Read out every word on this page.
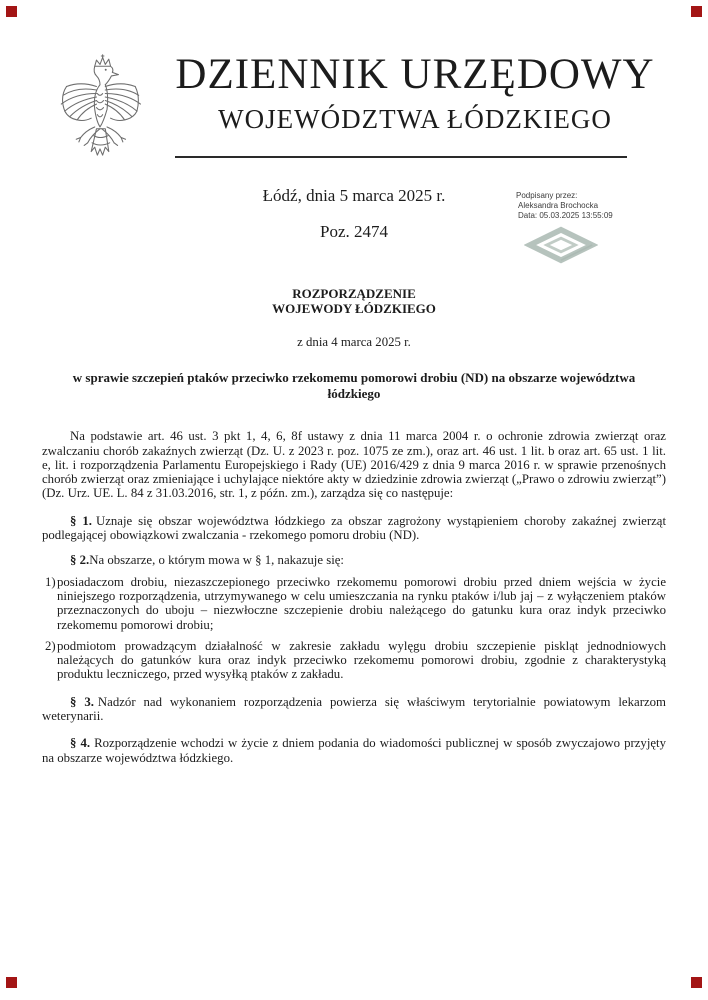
DZIENNIK URZĘDOWY
WOJEWÓDZTWA ŁÓDZKIEGO
Łódź, dnia 5 marca 2025 r.
Poz. 2474
Podpisany przez:
Aleksandra Brochocka
Data: 05.03.2025 13:55:09
ROZPORZĄDZENIE
WOJEWODY ŁÓDZKIEGO
z dnia 4 marca 2025 r.
w sprawie szczepień ptaków przeciwko rzekomemu pomorowi drobiu (ND) na obszarze województwa łódzkiego

Na podstawie art. 46 ust. 3 pkt 1, 4, 6, 8f ustawy z dnia 11 marca 2004 r. o ochronie zdrowia zwierząt oraz zwalczaniu chorób zakaźnych zwierząt (Dz. U. z 2023 r. poz. 1075 ze zm.), oraz art. 46 ust. 1 lit. b oraz art. 65 ust. 1 lit. e, lit. i rozporządzenia Parlamentu Europejskiego i Rady (UE) 2016/429 z dnia 9 marca 2016 r. w sprawie przenośnych chorób zwierząt oraz zmieniające i uchylające niektóre akty w dziedzinie zdrowia zwierząt („Prawo o zdrowiu zwierząt”) (Dz. Urz. UE. L. 84 z 31.03.2016, str. 1, z późn. zm.), zarządza się co następuje:

§ 1. Uznaje się obszar województwa łódzkiego za obszar zagrożony wystąpieniem choroby zakaźnej zwierząt podlegającej obowiązkowi zwalczania - rzekomego pomoru drobiu (ND).

§ 2.Na obszarze, o którym mowa w § 1, nakazuje się:

1) posiadaczom drobiu, niezaszczepionego przeciwko rzekomemu pomorowi drobiu przed dniem wejścia w życie niniejszego rozporządzenia, utrzymywanego w celu umieszczania na rynku ptaków i/lub jaj – z wyłączeniem ptaków przeznaczonych do uboju – niezwłoczne szczepienie drobiu należącego do gatunku kura oraz indyk przeciwko rzekomemu pomorowi drobiu;
2) podmiotom prowadzącym działalność w zakresie zakładu wylęgu drobiu szczepienie piskląt jednodniowych należących do gatunków kura oraz indyk przeciwko rzekomemu pomorowi drobiu, zgodnie z charakterystyką produktu leczniczego, przed wysyłką ptaków z zakładu.

§ 3. Nadzór nad wykonaniem rozporządzenia powierza się właściwym terytorialnie powiatowym lekarzom weterynarii.

§ 4. Rozporządzenie wchodzi w życie z dniem podania do wiadomości publicznej w sposób zwyczajowo przyjęty na obszarze województwa łódzkiego.
